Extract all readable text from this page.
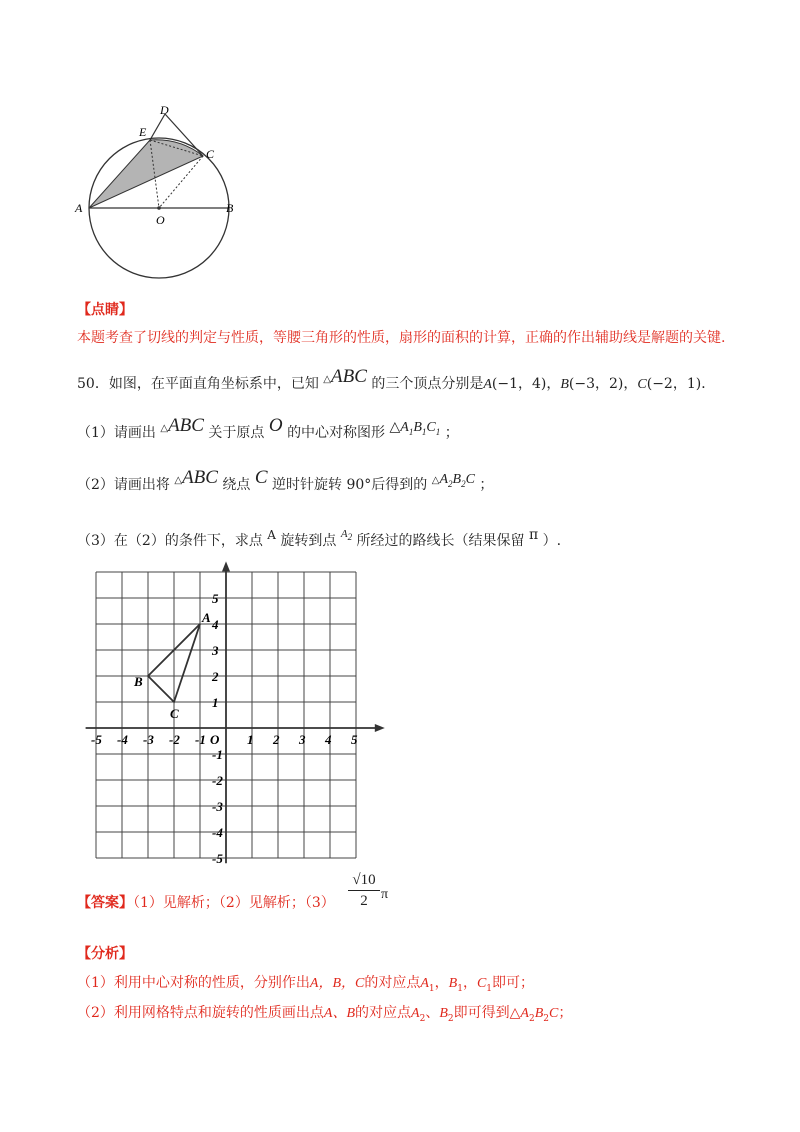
D
E
C
A
O
B
【点睛】
本题考查了切线的判定与性质，等腰三角形的性质，扇形的面积的计算，正确的作出辅助线是解题的关键.
50．如图，在平面直角坐标系中，已知 △ABC 的三个顶点分别是A(−1，4)，B(−3，2)，C(−2，1)．
（1）请画出 △ABC 关于原点 O 的中心对称图形 $\triangle A_1B_1C_1$ ；
（2）请画出将 △ABC 绕点 C 逆时针旋转 90°后得到的 $^\triangle A_2B_2C$ ；
（3）在（2）的条件下，求点 A 旋转到点 $^{A_2}$ 所经过的路线长（结果保留 π ）.
-5 -4 -3 -2 -1	1 2 3 4 5
5
4
3
2
1
-1
-2
-3
-4
-5
O
A
B
C
【答案】（1）见解析；（2）见解析；（3）
√10
2 π
【分析】
（1）利用中心对称的性质，分别作出A，B，C的对应点$A_1$，$B_1$，$C_1$即可；
（2）利用网格特点和旋转的性质画出点A、B的对应点$A_2$、$B_2$即可得到$\triangle A_2B_2C$；
